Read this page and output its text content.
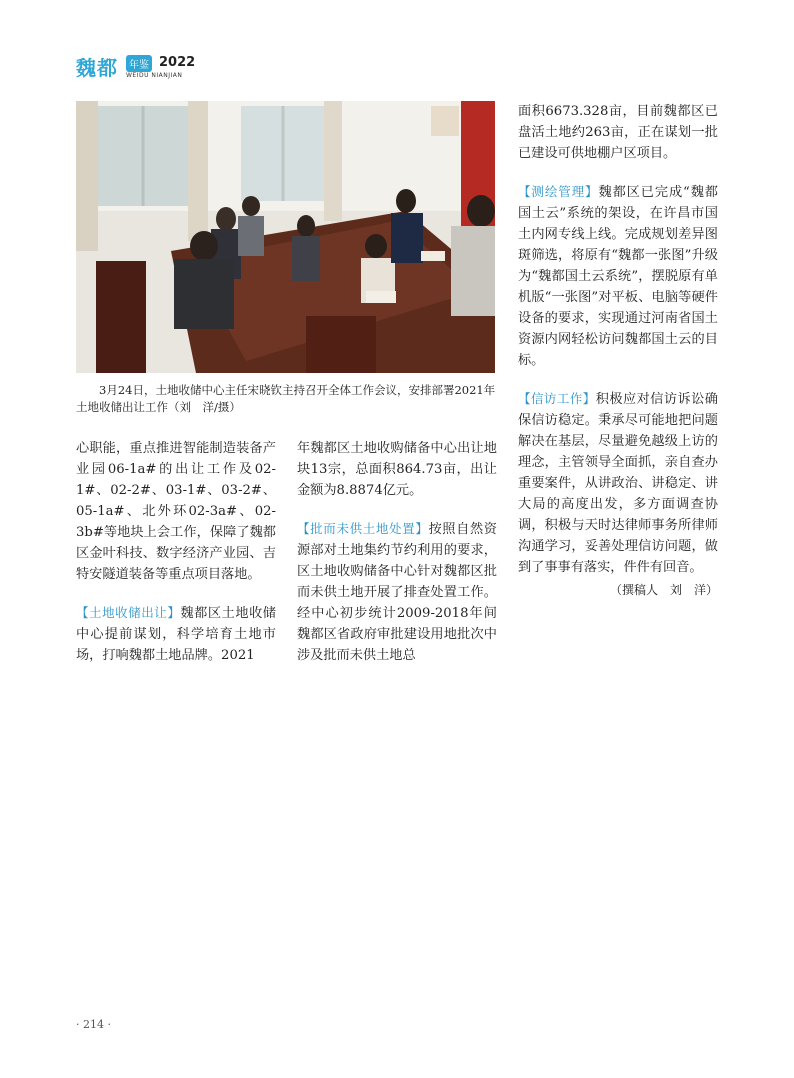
魏都	年鉴 2022
WEIDU NIANJIAN
3月24日，土地收储中心主任宋晓钦主持召开全体工作会议，安排部署2021年土地收储出让工作（刘　洋/摄）

心职能，重点推进智能制造装备产业园06-1a#的出让工作及02-1#、02-2#、03-1#、03-2#、05-1a#、北外环02-3a#、02-3b#等地块上会工作，保障了魏都区金叶科技、数字经济产业园、吉特安隧道装备等重点项目落地。

【土地收储出让】魏都区土地收储中心提前谋划，科学培育土地市场，打响魏都土地品牌。2021

年魏都区土地收购储备中心出让地块13宗，总面积864.73亩，出让金额为8.8874亿元。

【批而未供土地处置】按照自然资源部对土地集约节约利用的要求，区土地收购储备中心针对魏都区批而未供土地开展了排查处置工作。经中心初步统计2009-2018年间魏都区省政府审批建设用地批次中涉及批而未供土地总

面积6673.328亩，目前魏都区已盘活土地约263亩，正在谋划一批已建设可供地棚户区项目。

【测绘管理】魏都区已完成“魏都国土云”系统的架设，在许昌市国土内网专线上线。完成规划差异图斑筛选，将原有“魏都一张图”升级为“魏都国土云系统”，摆脱原有单机版“一张图”对平板、电脑等硬件设备的要求，实现通过河南省国土资源内网轻松访问魏都国土云的目标。

【信访工作】积极应对信访诉讼确保信访稳定。秉承尽可能地把问题解决在基层，尽量避免越级上访的理念，主管领导全面抓，亲自查办重要案件，从讲政治、讲稳定、讲大局的高度出发，多方面调查协调，积极与天时达律师事务所律师沟通学习，妥善处理信访问题，做到了事事有落实，件件有回音。

（撰稿人　刘　洋）
· 214 ·
